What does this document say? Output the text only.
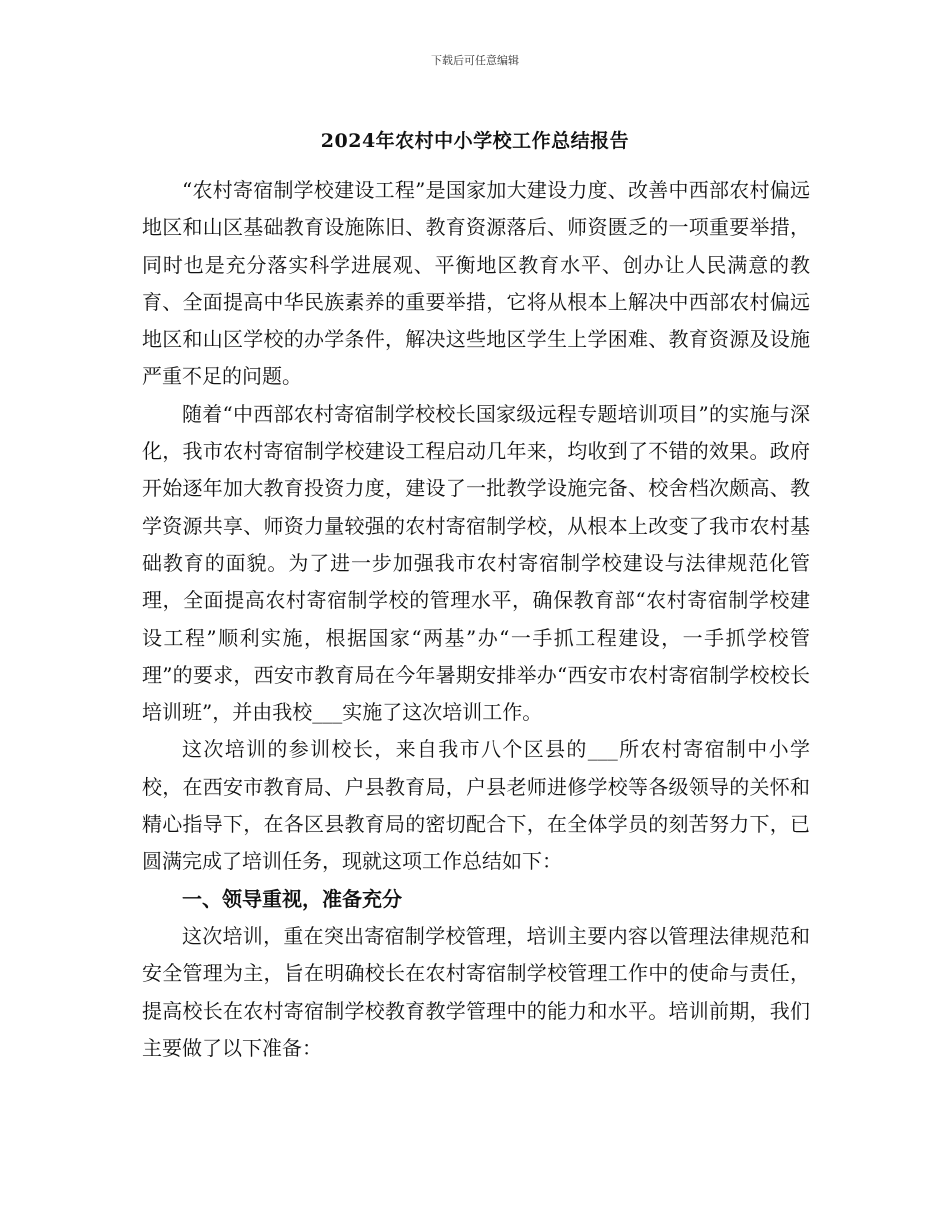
下载后可任意编辑
2024年农村中小学校工作总结报告

“农村寄宿制学校建设工程”是国家加大建设力度、改善中西部农村偏远地区和山区基础教育设施陈旧、教育资源落后、师资匮乏的一项重要举措，同时也是充分落实科学进展观、平衡地区教育水平、创办让人民满意的教育、全面提高中华民族素养的重要举措，它将从根本上解决中西部农村偏远地区和山区学校的办学条件，解决这些地区学生上学困难、教育资源及设施严重不足的问题。

随着“中西部农村寄宿制学校校长国家级远程专题培训项目”的实施与深化，我市农村寄宿制学校建设工程启动几年来，均收到了不错的效果。政府开始逐年加大教育投资力度，建设了一批教学设施完备、校舍档次颇高、教学资源共享、师资力量较强的农村寄宿制学校，从根本上改变了我市农村基础教育的面貌。为了进一步加强我市农村寄宿制学校建设与法律规范化管理，全面提高农村寄宿制学校的管理水平，确保教育部“农村寄宿制学校建设工程”顺利实施，根据国家“两基”办“一手抓工程建设，一手抓学校管理”的要求，西安市教育局在今年暑期安排举办“西安市农村寄宿制学校校长培训班”，并由我校___实施了这次培训工作。

这次培训的参训校长，来自我市八个区县的___所农村寄宿制中小学校，在西安市教育局、户县教育局，户县老师进修学校等各级领导的关怀和精心指导下，在各区县教育局的密切配合下，在全体学员的刻苦努力下，已圆满完成了培训任务，现就这项工作总结如下：

一、领导重视，准备充分

这次培训，重在突出寄宿制学校管理，培训主要内容以管理法律规范和安全管理为主，旨在明确校长在农村寄宿制学校管理工作中的使命与责任，提高校长在农村寄宿制学校教育教学管理中的能力和水平。培训前期，我们主要做了以下准备：
